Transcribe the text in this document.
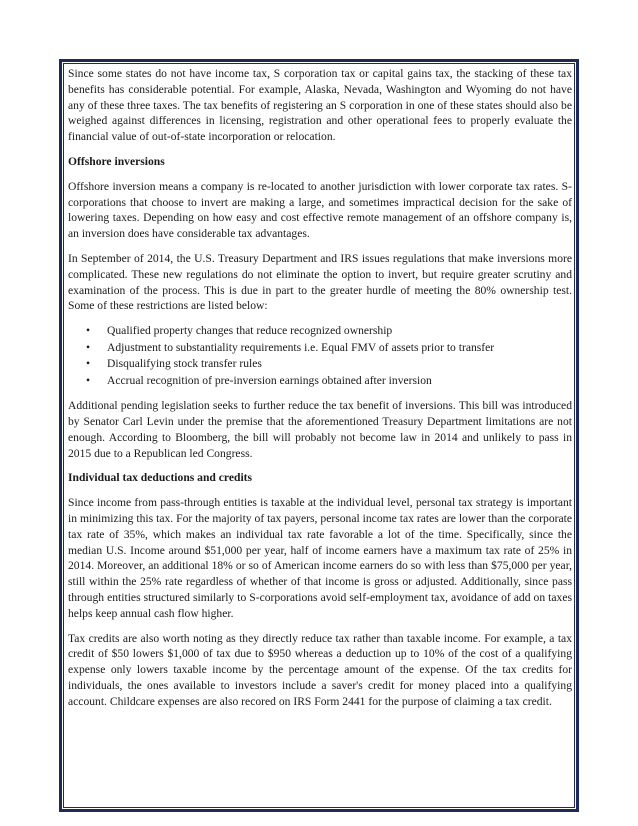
Since some states do not have income tax, S corporation tax or capital gains tax, the stacking of these tax benefits has considerable potential. For example, Alaska, Nevada, Washington and Wyoming do not have any of these three taxes. The tax benefits of registering an S corporation in one of these states should also be weighed against differences in licensing, registration and other operational fees to properly evaluate the financial value of out-of-state incorporation or relocation.

Offshore inversions

Offshore inversion means a company is re-located to another jurisdiction with lower corporate tax rates. S-corporations that choose to invert are making a large, and sometimes impractical decision for the sake of lowering taxes. Depending on how easy and cost effective remote management of an offshore company is, an inversion does have considerable tax advantages.

In September of 2014, the U.S. Treasury Department and IRS issues regulations that make inversions more complicated. These new regulations do not eliminate the option to invert, but require greater scrutiny and examination of the process. This is due in part to the greater hurdle of meeting the 80% ownership test. Some of these restrictions are listed below:

• Qualified property changes that reduce recognized ownership
• Adjustment to substantiality requirements i.e. Equal FMV of assets prior to transfer
• Disqualifying stock transfer rules
• Accrual recognition of pre-inversion earnings obtained after inversion

Additional pending legislation seeks to further reduce the tax benefit of inversions. This bill was introduced by Senator Carl Levin under the premise that the aforementioned Treasury Department limitations are not enough. According to Bloomberg, the bill will probably not become law in 2014 and unlikely to pass in 2015 due to a Republican led Congress.

Individual tax deductions and credits

Since income from pass-through entities is taxable at the individual level, personal tax strategy is important in minimizing this tax. For the majority of tax payers, personal income tax rates are lower than the corporate tax rate of 35%, which makes an individual tax rate favorable a lot of the time. Specifically, since the median U.S. Income around $51,000 per year, half of income earners have a maximum tax rate of 25% in 2014. Moreover, an additional 18% or so of American income earners do so with less than $75,000 per year, still within the 25% rate regardless of whether of that income is gross or adjusted. Additionally, since pass through entities structured similarly to S-corporations avoid self-employment tax, avoidance of add on taxes helps keep annual cash flow higher.

Tax credits are also worth noting as they directly reduce tax rather than taxable income. For example, a tax credit of $50 lowers $1,000 of tax due to $950 whereas a deduction up to 10% of the cost of a qualifying expense only lowers taxable income by the percentage amount of the expense. Of the tax credits for individuals, the ones available to investors include a saver's credit for money placed into a qualifying account. Childcare expenses are also recored on IRS Form 2441 for the purpose of claiming a tax credit.
